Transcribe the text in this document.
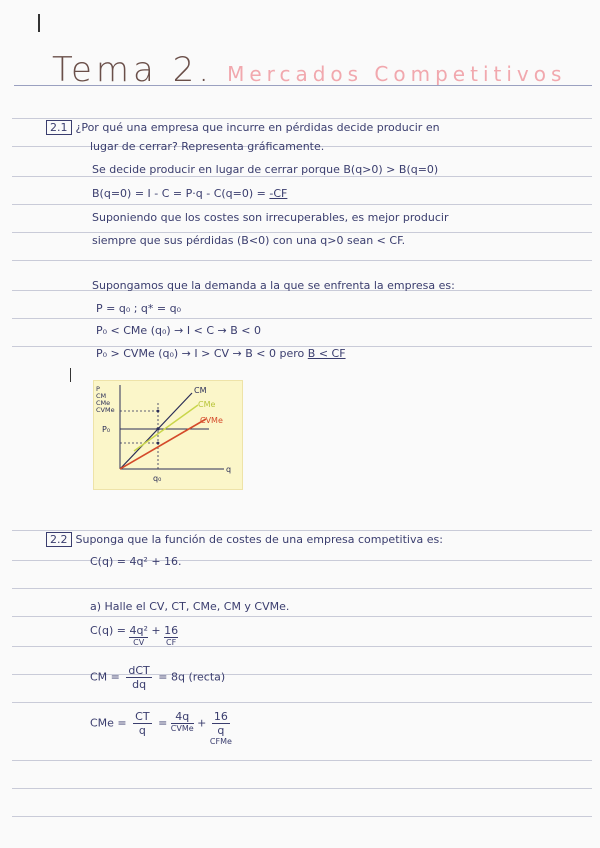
Tema 2. Mercados Competitivos
2.1 ¿Por qué una empresa que incurre en pérdidas decide producir en
lugar de cerrar? Representa gráficamente.
Se decide producir en lugar de cerrar porque B(q>0) > B(q=0)
B(q=0) = I - C = P·q - C(q=0) = -CF
Suponiendo que los costes son irrecuperables, es mejor producir
siempre que sus pérdidas (B<0) con una q>0 sean < CF.
Supongamos que la demanda a la que se enfrenta la empresa es:
P = q₀ ; q* = q₀
P₀ < CMe (q₀) → I < C → B < 0
P₀ > CVMe (q₀) → I > CV → B < 0 pero B < CF
P
CM
CMe
CVMe
P₀
q₀
q
CM
CMe
CVMe
2.2 Suponga que la función de costes de una empresa competitiva es:
C(q) = 4q² + 16.
a) Halle el CV, CT, CMe, CM y CVMe.
C(q) = 4q²
CV
+ 16
CF
CM = $\frac{\text{dCT}}{dq} = 8q$ (recta)
CMe = $\frac{CT}{q} = 4q$
CVMe + $\frac{16}{q}$
CFMe
